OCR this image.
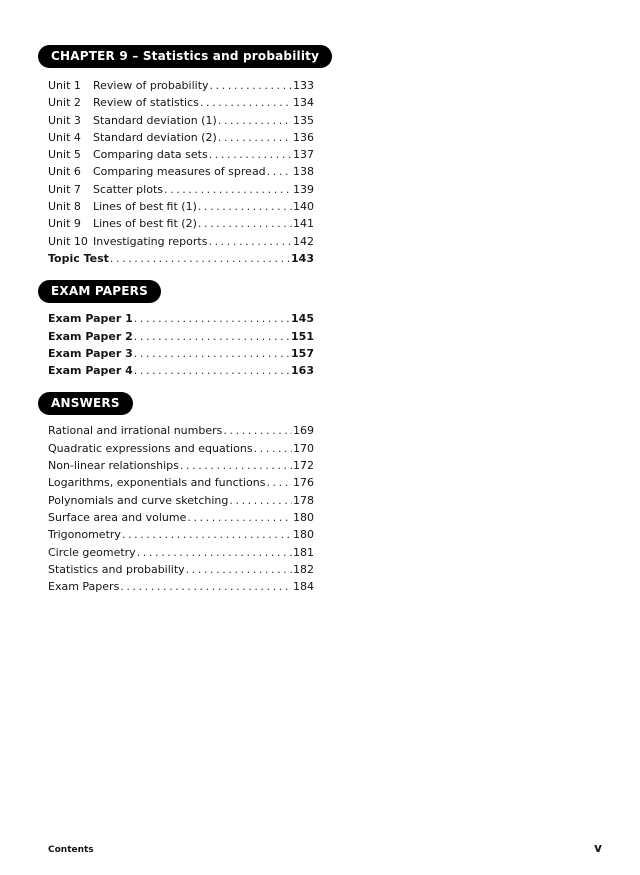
CHAPTER 9 – Statistics and probability
Unit 1	Review of probability .....	133
Unit 2	Review of statistics .....	134
Unit 3	Standard deviation (1) .....	135
Unit 4	Standard deviation (2) .....	136
Unit 5	Comparing data sets .....	137
Unit 6	Comparing measures of spread ..... 138
Unit 7	Scatter plots .....	139
Unit 8	Lines of best fit (1) .....	140
Unit 9	Lines of best fit (2) .....	141
Unit 10 Investigating reports .....	142
Topic Test .....	143
EXAM PAPERS
Exam Paper 1 .....	145
Exam Paper 2 .....	151
Exam Paper 3 .....	157
Exam Paper 4 .....	163
ANSWERS
Rational and irrational numbers .....	169
Quadratic expressions and equations .....	170
Non-linear relationships .....	172
Logarithms, exponentials and functions .....	176
Polynomials and curve sketching .....	178
Surface area and volume .....	180
Trigonometry .....	180
Circle geometry .....	181
Statistics and probability .....	182
Exam Papers .....	184
Contents	v
